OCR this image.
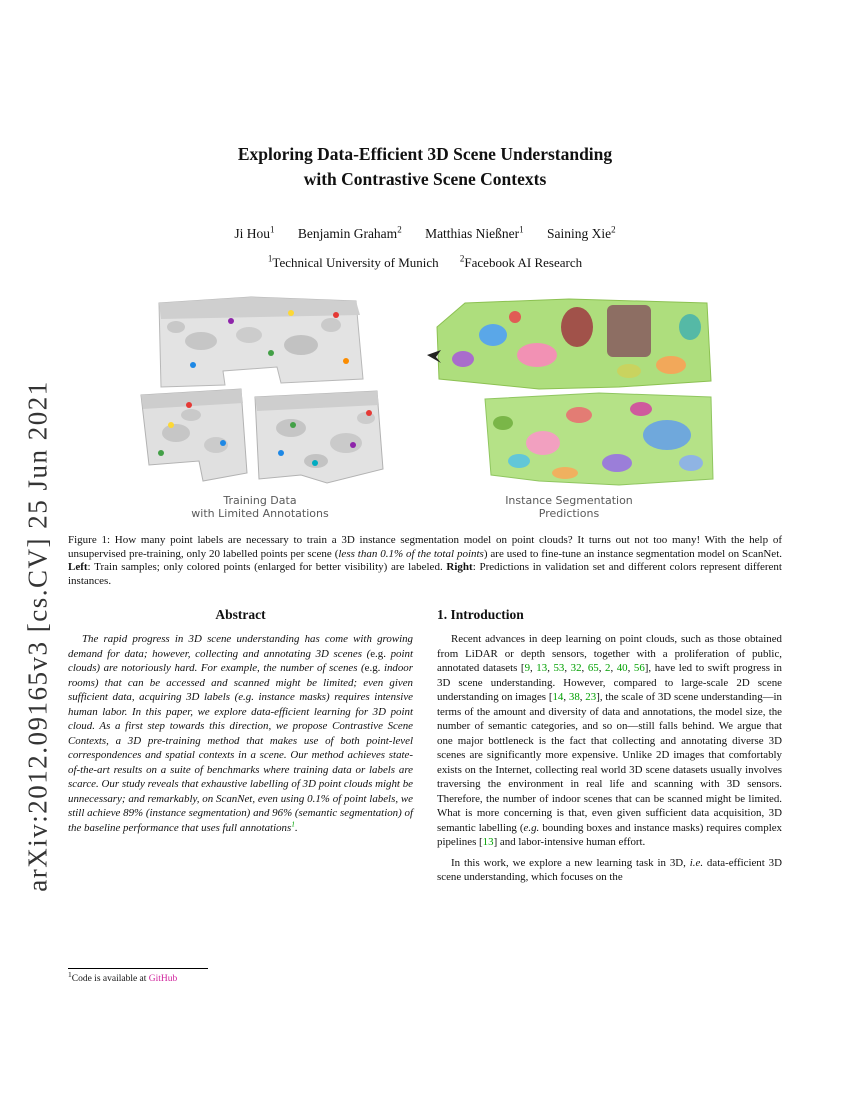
arXiv:2012.09165v3 [cs.CV] 25 Jun 2021
Exploring Data-Efficient 3D Scene Understanding
with Contrastive Scene Contexts
Ji Hou$^1$ Benjamin Graham$^2$ Matthias Nießner$^1$ Saining Xie$^2$
$^1$Technical University of Munich $^2$Facebook AI Research
Training Data
with Limited Annotations
Instance Segmentation
Predictions
Figure 1: How many point labels are necessary to train a 3D instance segmentation model on point clouds? It turns out not too many! With the help of unsupervised pre-training, only 20 labelled points per scene (less than 0.1% of the total points) are used to fine-tune an instance segmentation model on ScanNet. Left: Train samples; only colored points (enlarged for better visibility) are labeled. Right: Predictions in validation set and different colors represent different instances.
Abstract

The rapid progress in 3D scene understanding has come with growing demand for data; however, collecting and annotating 3D scenes (e.g. point clouds) are notoriously hard. For example, the number of scenes (e.g. indoor rooms) that can be accessed and scanned might be limited; even given sufficient data, acquiring 3D labels (e.g. instance masks) requires intensive human labor. In this paper, we explore data-efficient learning for 3D point cloud. As a first step towards this direction, we propose Contrastive Scene Contexts, a 3D pre-training method that makes use of both point-level correspondences and spatial contexts in a scene. Our method achieves state-of-the-art results on a suite of benchmarks where training data or labels are scarce. Our study reveals that exhaustive labelling of 3D point clouds might be unnecessary; and remarkably, on ScanNet, even using 0.1% of point labels, we still achieve 89% (instance segmentation) and 96% (semantic segmentation) of the baseline performance that uses full annotations$^1$.

1. Introduction

Recent advances in deep learning on point clouds, such as those obtained from LiDAR or depth sensors, together with a proliferation of public, annotated datasets [9, 13, 53, 32, 65, 2, 40, 56], have led to swift progress in 3D scene understanding. However, compared to large-scale 2D scene understanding on images [14, 38, 23], the scale of 3D scene understanding—in terms of the amount and diversity of data and annotations, the model size, the number of semantic categories, and so on—still falls behind. We argue that one major bottleneck is the fact that collecting and annotating diverse 3D scenes are significantly more expensive. Unlike 2D images that comfortably exists on the Internet, collecting real world 3D scene datasets usually involves traversing the environment in real life and scanning with 3D sensors. Therefore, the number of indoor scenes that can be scanned might be limited. What is more concerning is that, even given sufficient data acquisition, 3D semantic labelling (e.g. bounding boxes and instance masks) requires complex pipelines [13] and labor-intensive human effort.

In this work, we explore a new learning task in 3D, i.e. data-efficient 3D scene understanding, which focuses on the

$^1$Code is available at GitHub
